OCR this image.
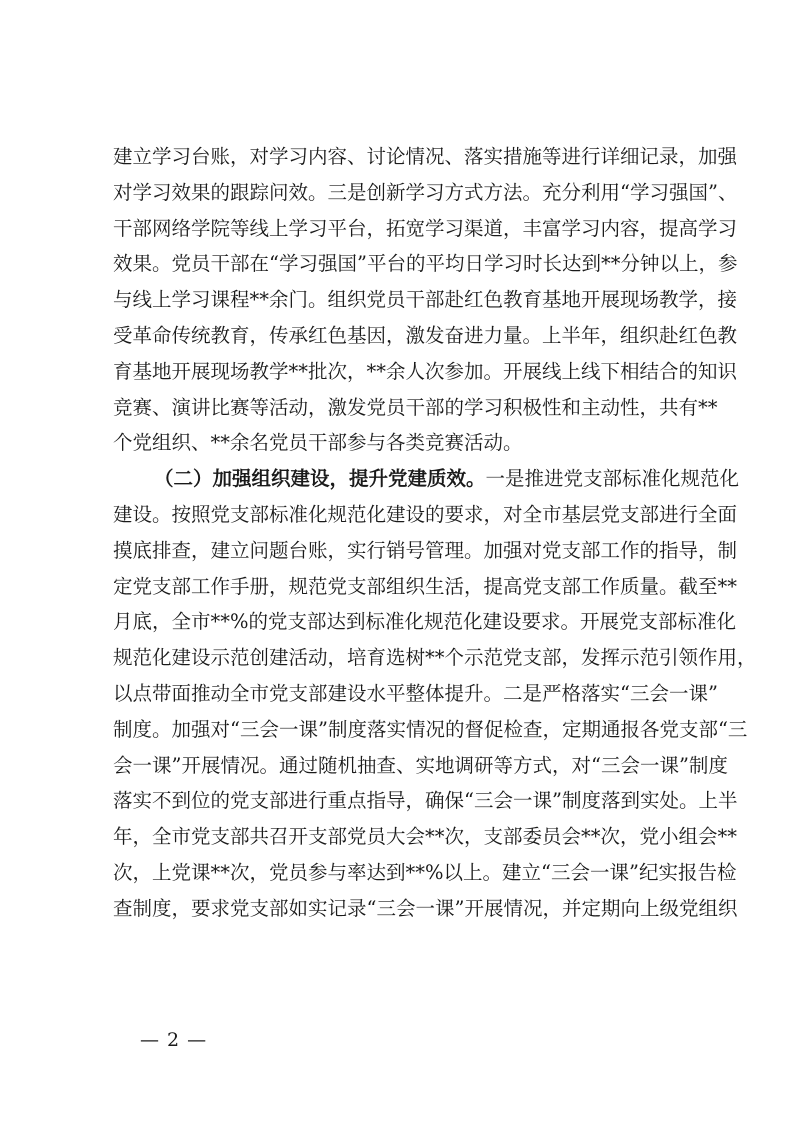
建立学习台账，对学习内容、讨论情况、落实措施等进行详细记录，加强
对学习效果的跟踪问效。三是创新学习方式方法。充分利用“学习强国”、
干部网络学院等线上学习平台，拓宽学习渠道，丰富学习内容，提高学习
效果。党员干部在“学习强国”平台的平均日学习时长达到**分钟以上，参
与线上学习课程**余门。组织党员干部赴红色教育基地开展现场教学，接
受革命传统教育，传承红色基因，激发奋进力量。上半年，组织赴红色教
育基地开展现场教学**批次，**余人次参加。开展线上线下相结合的知识
竞赛、演讲比赛等活动，激发党员干部的学习积极性和主动性，共有**
个党组织、**余名党员干部参与各类竞赛活动。
（二）加强组织建设，提升党建质效。一是推进党支部标准化规范化
建设。按照党支部标准化规范化建设的要求，对全市基层党支部进行全面
摸底排查，建立问题台账，实行销号管理。加强对党支部工作的指导，制
定党支部工作手册，规范党支部组织生活，提高党支部工作质量。截至**
月底，全市**%的党支部达到标准化规范化建设要求。开展党支部标准化
规范化建设示范创建活动，培育选树**个示范党支部，发挥示范引领作用，
以点带面推动全市党支部建设水平整体提升。二是严格落实“三会一课”
制度。加强对“三会一课”制度落实情况的督促检查，定期通报各党支部“三
会一课”开展情况。通过随机抽查、实地调研等方式，对“三会一课”制度
落实不到位的党支部进行重点指导，确保“三会一课”制度落到实处。上半
年，全市党支部共召开支部党员大会**次，支部委员会**次，党小组会**
次，上党课**次，党员参与率达到**%以上。建立“三会一课”纪实报告检
查制度，要求党支部如实记录“三会一课”开展情况，并定期向上级党组织
— 2 —
